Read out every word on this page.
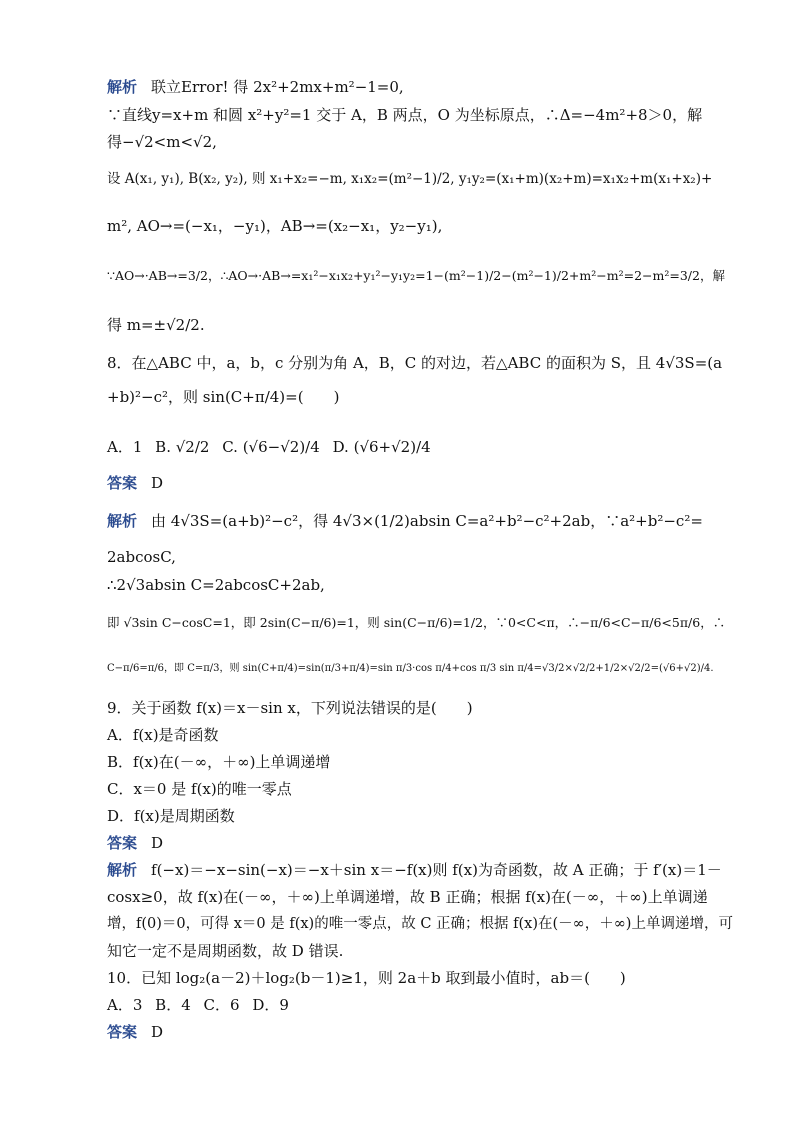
解析 联立Error! 得 2x²+2mx+m²−1=0,
∵直线y=x+m 和圆 x²+y²=1 交于 A，B 两点，O 为坐标原点，∴Δ=−4m²+8＞0，解
得−√2<m<√2,
设 A(x₁, y₁), B(x₂, y₂), 则 x₁+x₂=−m, x₁x₂=(m²−1)/2, y₁y₂=(x₁+m)(x₂+m)=x₁x₂+m(x₁+x₂)+
m², AO→=(−x₁，−y₁)，AB→=(x₂−x₁，y₂−y₁),
∵AO→·AB→=3/2，∴AO→·AB→=x₁²−x₁x₂+y₁²−y₁y₂=1−(m²−1)/2−(m²−1)/2+m²−m²=2−m²=3/2，解
得 m=±√2/2.
8．在△ABC 中，a，b，c 分别为角 A，B，C 的对边，若△ABC 的面积为 S，且 4√3S=(a
+b)²−c²，则 sin(C+π/4)=(　　)
A．1 B. √2/2 C. (√6−√2)/4 D. (√6+√2)/4
答案 D
解析 由 4√3S=(a+b)²−c²，得 4√3×(1/2)absin C=a²+b²−c²+2ab，∵a²+b²−c²=
2abcosC,
∴2√3absin C=2abcosC+2ab,
即 √3sin C−cosC=1，即 2sin(C−π/6)=1，则 sin(C−π/6)=1/2，∵0<C<π，∴−π/6<C−π/6<5π/6，∴
C−π/6=π/6，即 C=π/3，则 sin(C+π/4)=sin(π/3+π/4)=sin π/3·cos π/4+cos π/3 sin π/4=√3/2×√2/2+1/2×√2/2=(√6+√2)/4.
9．关于函数 f(x)＝x－sin x，下列说法错误的是(　　)
A．f(x)是奇函数
B．f(x)在(－∞，＋∞)上单调递增
C．x＝0 是 f(x)的唯一零点
D．f(x)是周期函数
答案 D
解析 f(−x)＝−x−sin(−x)＝−x＋sin x＝−f(x)则 f(x)为奇函数，故 A 正确；于 f′(x)＝1－
cosx≥0，故 f(x)在(－∞，＋∞)上单调递增，故 B 正确；根据 f(x)在(－∞，＋∞)上单调递
增，f(0)＝0，可得 x＝0 是 f(x)的唯一零点，故 C 正确；根据 f(x)在(－∞，＋∞)上单调递增，可
知它一定不是周期函数，故 D 错误.
10．已知 log₂(a－2)＋log₂(b－1)≥1，则 2a＋b 取到最小值时，ab＝(　　)
A．3 B．4 C．6 D．9
答案 D
